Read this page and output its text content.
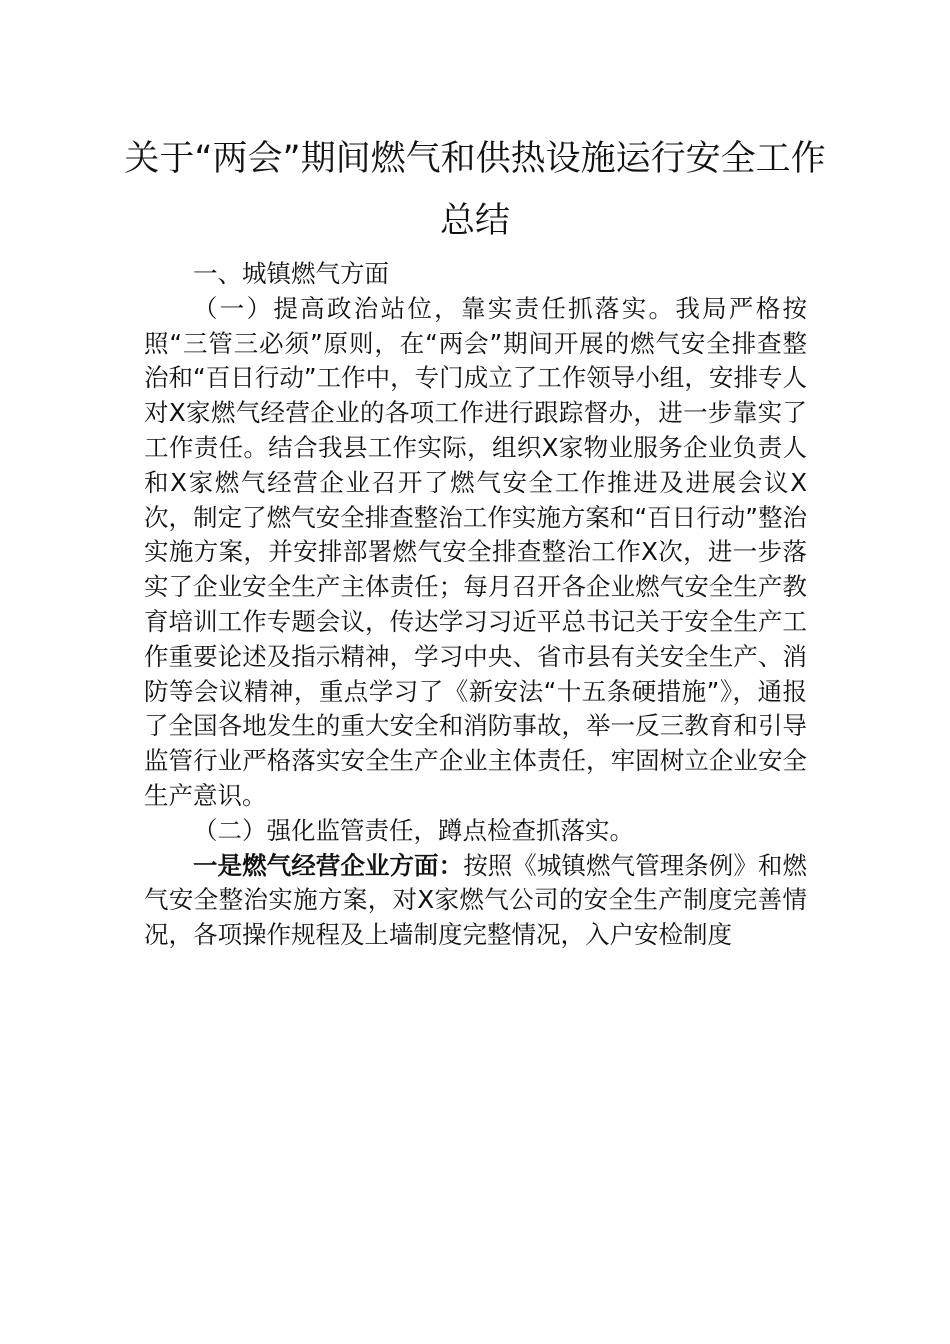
关于“两会”期间燃气和供热设施运行安全工作总结

一、城镇燃气方面

（一）提高政治站位，靠实责任抓落实。我局严格按照“三管三必须”原则，在“两会”期间开展的燃气安全排查整治和“百日行动”工作中，专门成立了工作领导小组，安排专人对X家燃气经营企业的各项工作进行跟踪督办，进一步靠实了工作责任。结合我县工作实际，组织X家物业服务企业负责人和X家燃气经营企业召开了燃气安全工作推进及进展会议X次，制定了燃气安全排查整治工作实施方案和“百日行动”整治实施方案，并安排部署燃气安全排查整治工作X次，进一步落实了企业安全生产主体责任；每月召开各企业燃气安全生产教育培训工作专题会议，传达学习习近平总书记关于安全生产工作重要论述及指示精神，学习中央、省市县有关安全生产、消防等会议精神，重点学习了《新安法“十五条硬措施”》，通报了全国各地发生的重大安全和消防事故，举一反三教育和引导监管行业严格落实安全生产企业主体责任，牢固树立企业安全生产意识。

（二）强化监管责任，蹲点检查抓落实。

一是燃气经营企业方面：按照《城镇燃气管理条例》和燃气安全整治实施方案，对X家燃气公司的安全生产制度完善情况，各项操作规程及上墙制度完整情况，入户安检制度
